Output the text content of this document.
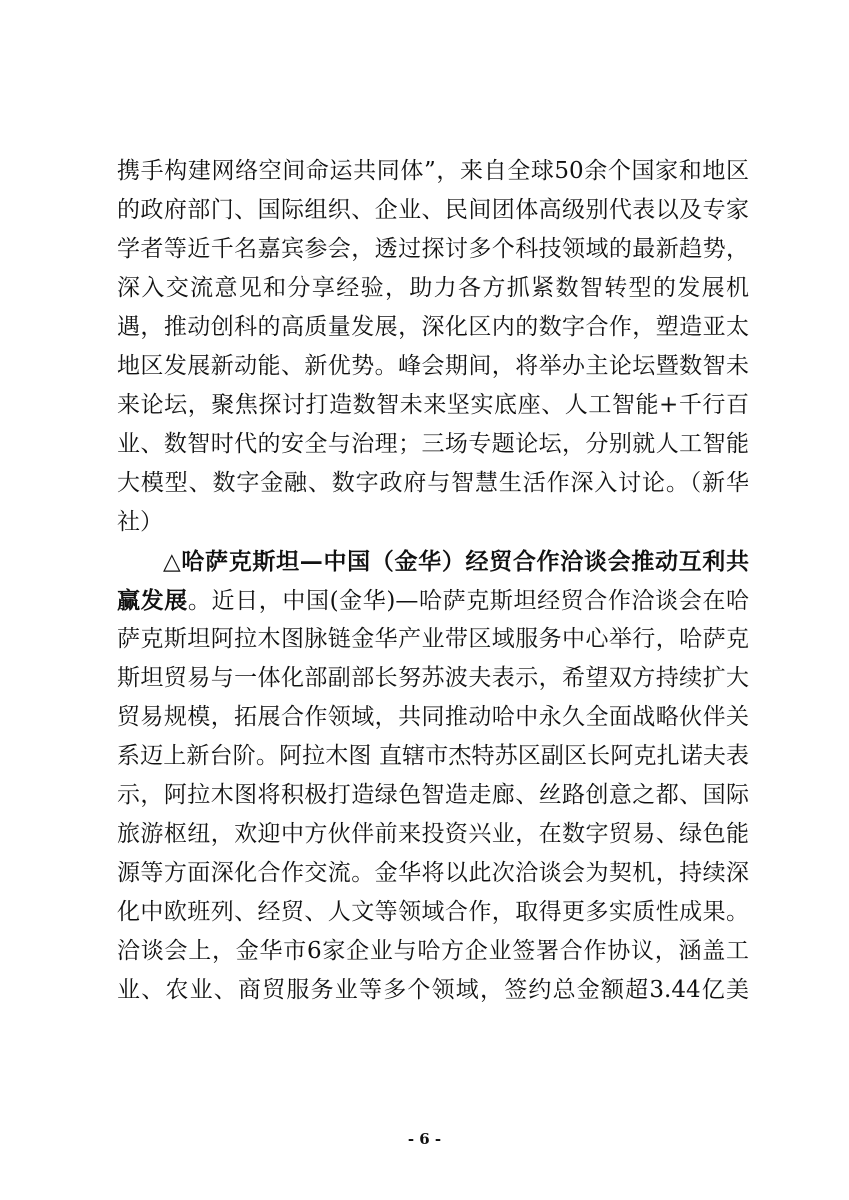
携手构建网络空间命运共同体”，来自全球50余个国家和地区
的政府部门、国际组织、企业、民间团体高级别代表以及专家
学者等近千名嘉宾参会，透过探讨多个科技领域的最新趋势，
深入交流意见和分享经验，助力各方抓紧数智转型的发展机
遇，推动创科的高质量发展，深化区内的数字合作，塑造亚太
地区发展新动能、新优势。峰会期间，将举办主论坛暨数智未
来论坛，聚焦探讨打造数智未来坚实底座、人工智能+千行百
业、数智时代的安全与治理；三场专题论坛，分别就人工智能
大模型、数字金融、数字政府与智慧生活作深入讨论。（新华
社）
△哈萨克斯坦—中国（金华）经贸合作洽谈会推动互利共
赢发展。近日，中国(金华)—哈萨克斯坦经贸合作洽谈会在哈
萨克斯坦阿拉木图脉链金华产业带区域服务中心举行，哈萨克
斯坦贸易与一体化部副部长努苏波夫表示，希望双方持续扩大
贸易规模，拓展合作领域，共同推动哈中永久全面战略伙伴关
系迈上新台阶。阿拉木图 直辖市杰特苏区副区长阿克扎诺夫表
示，阿拉木图将积极打造绿色智造走廊、丝路创意之都、国际
旅游枢纽，欢迎中方伙伴前来投资兴业，在数字贸易、绿色能
源等方面深化合作交流。金华将以此次洽谈会为契机，持续深
化中欧班列、经贸、人文等领域合作，取得更多实质性成果。
洽谈会上，金华市6家企业与哈方企业签署合作协议，涵盖工
业、农业、商贸服务业等多个领域，签约总金额超3.44亿美
- 6 -
